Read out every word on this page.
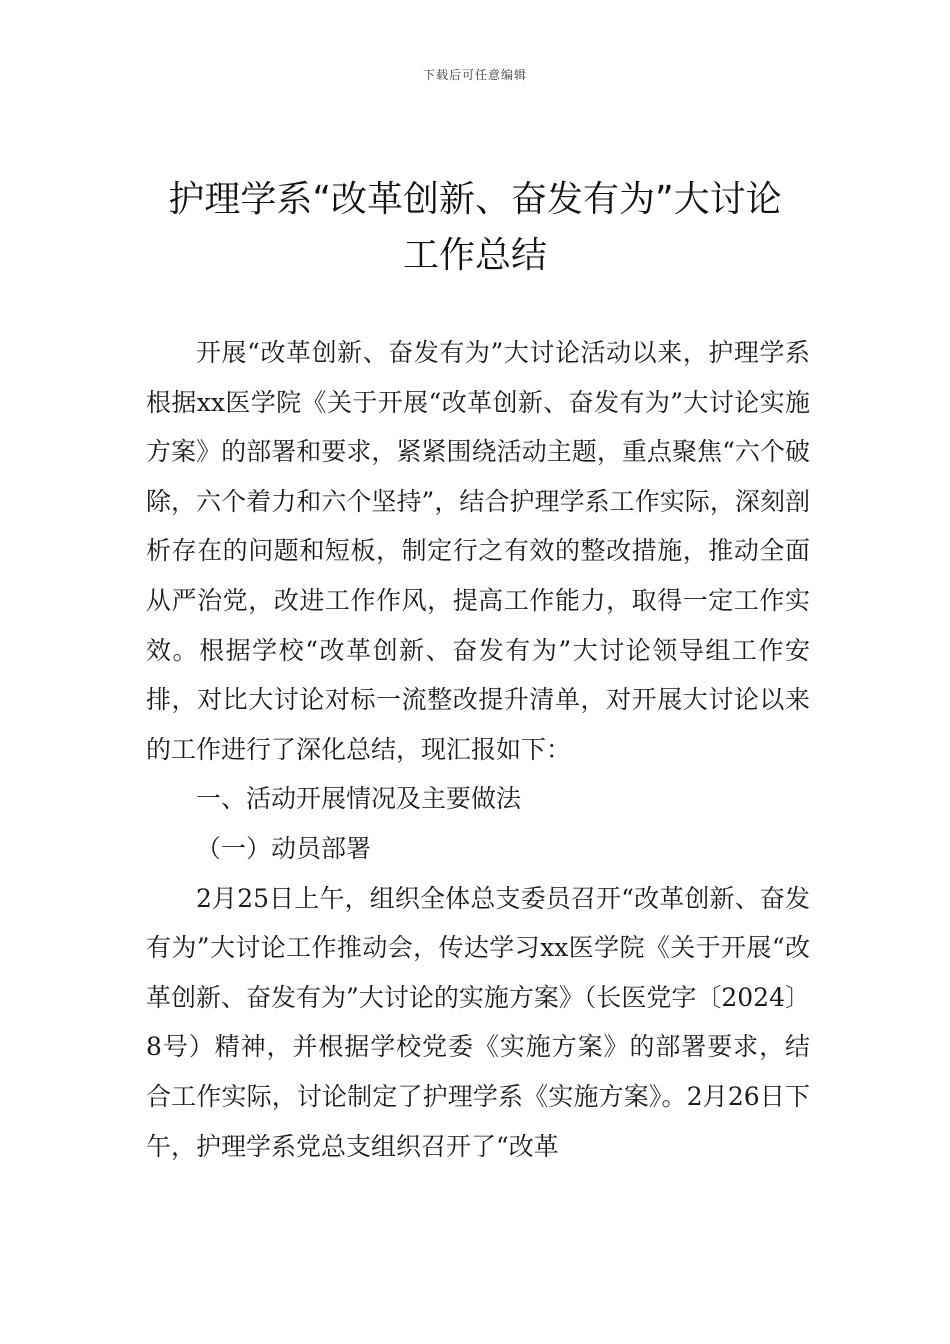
下载后可任意编辑
护理学系“改革创新、奋发有为”大讨论
工作总结

开展“改革创新、奋发有为”大讨论活动以来，护理学系根据xx医学院《关于开展“改革创新、奋发有为”大讨论实施方案》的部署和要求，紧紧围绕活动主题，重点聚焦“六个破除，六个着力和六个坚持”，结合护理学系工作实际，深刻剖析存在的问题和短板，制定行之有效的整改措施，推动全面从严治党，改进工作作风，提高工作能力，取得一定工作实效。根据学校“改革创新、奋发有为”大讨论领导组工作安排，对比大讨论对标一流整改提升清单，对开展大讨论以来的工作进行了深化总结，现汇报如下：

一、活动开展情况及主要做法

（一）动员部署

2月25日上午，组织全体总支委员召开“改革创新、奋发有为”大讨论工作推动会，传达学习xx医学院《关于开展“改革创新、奋发有为”大讨论的实施方案》（长医党字〔2024〕8号）精神，并根据学校党委《实施方案》的部署要求，结合工作实际，讨论制定了护理学系《实施方案》。2月26日下午，护理学系党总支组织召开了“改革
